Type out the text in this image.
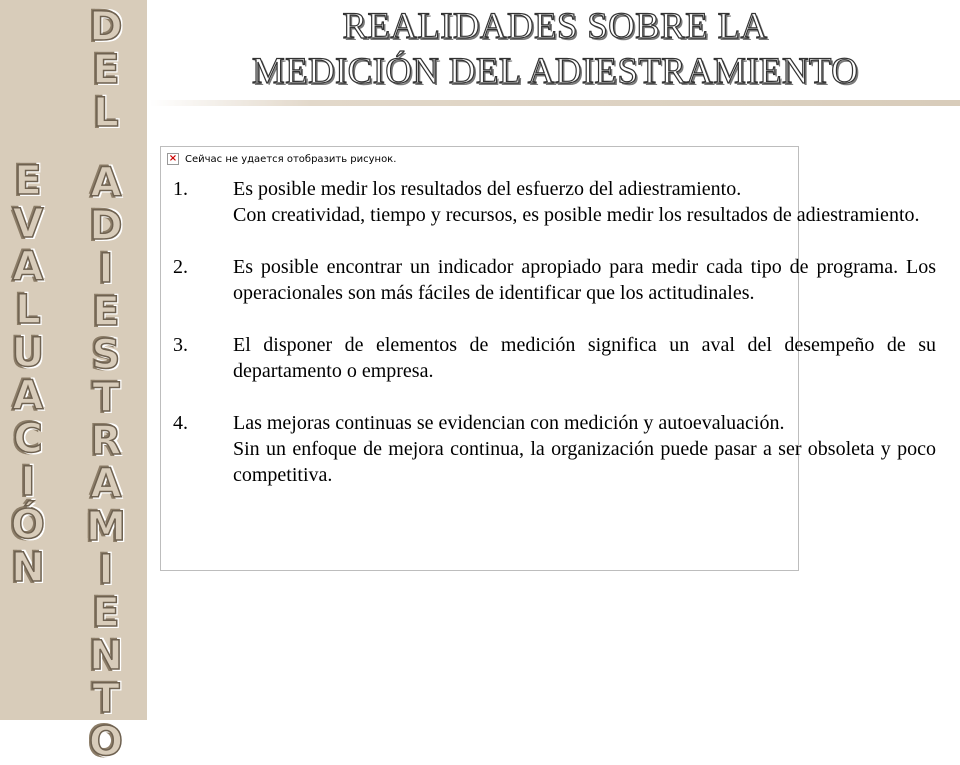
D
E
L
E
V
A
L
U
A
C
I
Ó
N
A
D
I
E
S
T
R
A
M
I
E
N
T
O
REALIDADES SOBRE LA
MEDICIÓN DEL ADIESTRAMIENTO
× Сейчас не удается отобразить рисунок.
1. Es posible medir los resultados del esfuerzo del adiestramiento.

Con creatividad, tiempo y recursos, es posible medir los resultados de adiestramiento.

2. Es posible encontrar un indicador apropiado para medir cada tipo de programa. Los operacionales son más fáciles de identificar que los actitudinales.

3. El disponer de elementos de medición significa un aval del desempeño de su departamento o empresa.

4. Las mejoras continuas se evidencian con medición y autoevaluación.

Sin un enfoque de mejora continua, la organización puede pasar a ser obsoleta y poco competitiva.
